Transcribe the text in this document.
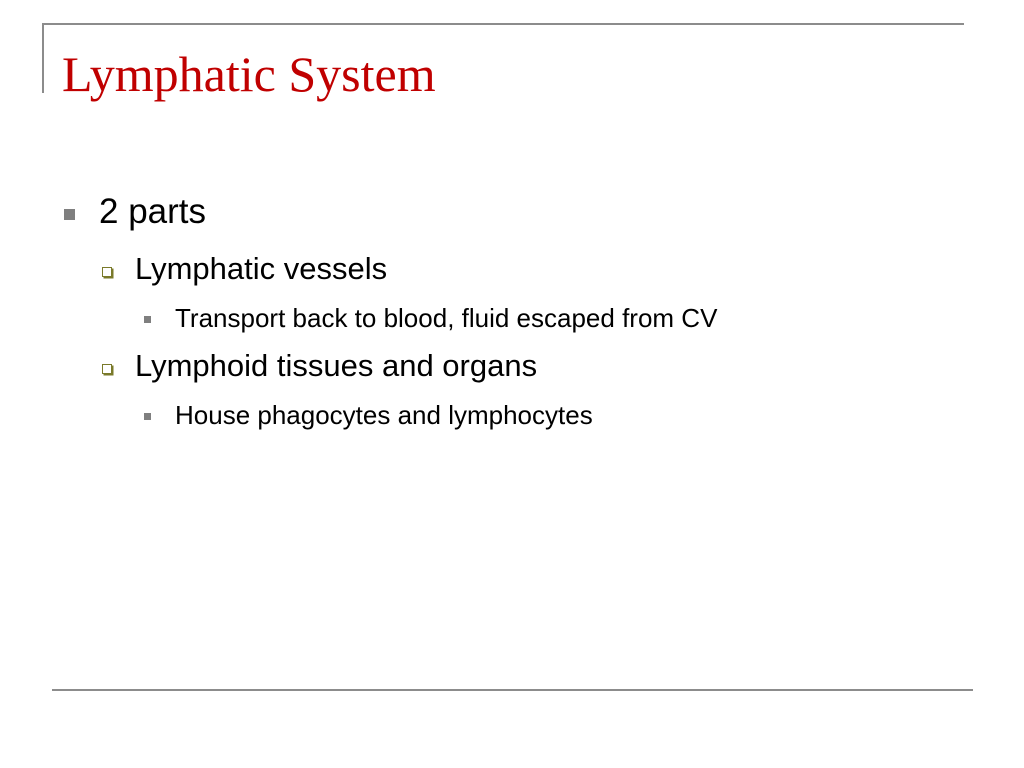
Lymphatic System
2 parts
Lymphatic vessels
Transport back to blood, fluid escaped from CV
Lymphoid tissues and organs
House phagocytes and lymphocytes
